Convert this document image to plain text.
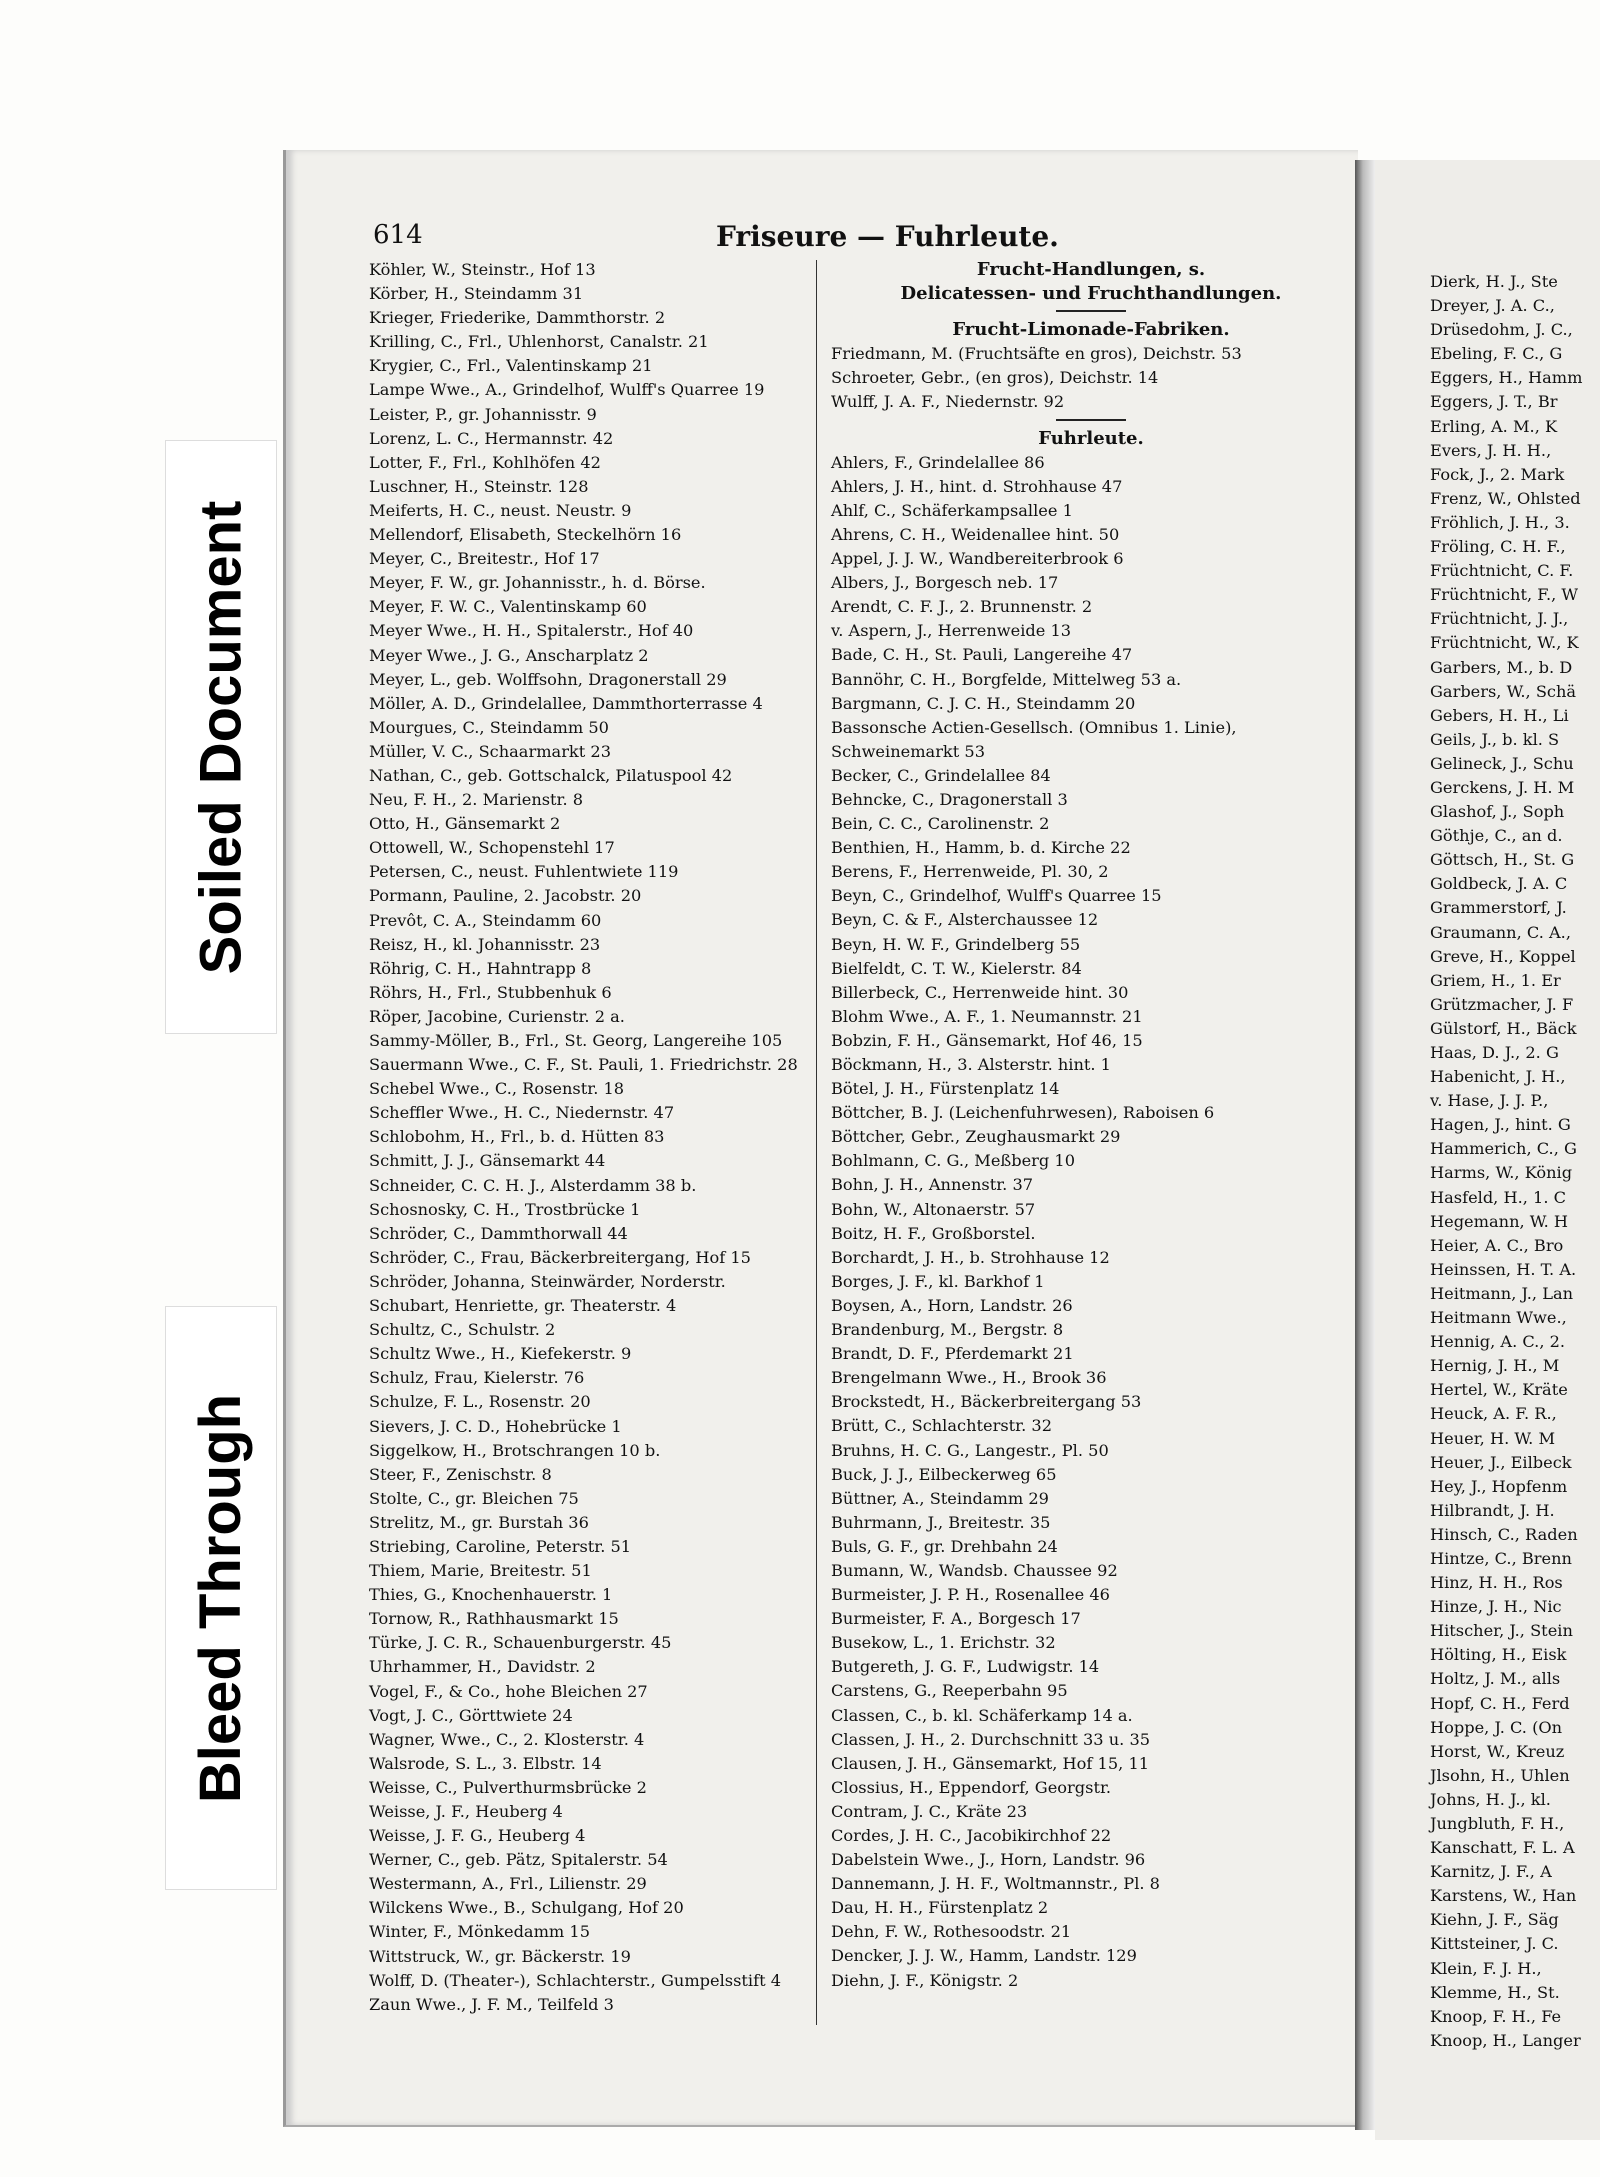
614	Friseure — Fuhrleute.
Köhler, W., Steinstr., Hof 13
Körber, H., Steindamm 31
Krieger, Friederike, Dammthorstr. 2
Krilling, C., Frl., Uhlenhorst, Canalstr. 21
Krygier, C., Frl., Valentinskamp 21
Lampe Wwe., A., Grindelhof, Wulff's Quarree 19
Leister, P., gr. Johannisstr. 9
Lorenz, L. C., Hermannstr. 42
Lotter, F., Frl., Kohlhöfen 42
Luschner, H., Steinstr. 128
Meiferts, H. C., neust. Neustr. 9
Mellendorf, Elisabeth, Steckelhörn 16
Meyer, C., Breitestr., Hof 17
Meyer, F. W., gr. Johannisstr., h. d. Börse.
Meyer, F. W. C., Valentinskamp 60
Meyer Wwe., H. H., Spitalerstr., Hof 40
Meyer Wwe., J. G., Anscharplatz 2
Meyer, L., geb. Wolffsohn, Dragonerstall 29
Möller, A. D., Grindelallee, Dammthorterrasse 4
Mourgues, C., Steindamm 50
Müller, V. C., Schaarmarkt 23
Nathan, C., geb. Gottschalck, Pilatuspool 42
Neu, F. H., 2. Marienstr. 8
Otto, H., Gänsemarkt 2
Ottowell, W., Schopenstehl 17
Petersen, C., neust. Fuhlentwiete 119
Pormann, Pauline, 2. Jacobstr. 20
Prevôt, C. A., Steindamm 60
Reisz, H., kl. Johannisstr. 23
Röhrig, C. H., Hahntrapp 8
Röhrs, H., Frl., Stubbenhuk 6
Röper, Jacobine, Curienstr. 2 a.
Sammy-Möller, B., Frl., St. Georg, Langereihe 105
Sauermann Wwe., C. F., St. Pauli, 1. Friedrichstr. 28
Schebel Wwe., C., Rosenstr. 18
Scheffler Wwe., H. C., Niedernstr. 47
Schlobohm, H., Frl., b. d. Hütten 83
Schmitt, J. J., Gänsemarkt 44
Schneider, C. C. H. J., Alsterdamm 38 b.
Schosnosky, C. H., Trostbrücke 1
Schröder, C., Dammthorwall 44
Schröder, C., Frau, Bäckerbreitergang, Hof 15
Schröder, Johanna, Steinwärder, Norderstr.
Schubart, Henriette, gr. Theaterstr. 4
Schultz, C., Schulstr. 2
Schultz Wwe., H., Kiefekerstr. 9
Schulz, Frau, Kielerstr. 76
Schulze, F. L., Rosenstr. 20
Sievers, J. C. D., Hohebrücke 1
Siggelkow, H., Brotschrangen 10 b.
Steer, F., Zenischstr. 8
Stolte, C., gr. Bleichen 75
Strelitz, M., gr. Burstah 36
Striebing, Caroline, Peterstr. 51
Thiem, Marie, Breitestr. 51
Thies, G., Knochenhauerstr. 1
Tornow, R., Rathhausmarkt 15
Türke, J. C. R., Schauenburgerstr. 45
Uhrhammer, H., Davidstr. 2
Vogel, F., & Co., hohe Bleichen 27
Vogt, J. C., Görttwiete 24
Wagner, Wwe., C., 2. Klosterstr. 4
Walsrode, S. L., 3. Elbstr. 14
Weisse, C., Pulverthurmsbrücke 2
Weisse, J. F., Heuberg 4
Weisse, J. F. G., Heuberg 4
Werner, C., geb. Pätz, Spitalerstr. 54
Westermann, A., Frl., Lilienstr. 29
Wilckens Wwe., B., Schulgang, Hof 20
Winter, F., Mönkedamm 15
Wittstruck, W., gr. Bäckerstr. 19
Wolff, D. (Theater-), Schlachterstr., Gumpelsstift 4
Zaun Wwe., J. F. M., Teilfeld 3
Frucht-Handlungen, s.
Delicatessen- und Fruchthandlungen.
Frucht-Limonade-Fabriken.
Friedmann, M. (Fruchtsäfte en gros), Deichstr. 53
Schroeter, Gebr., (en gros), Deichstr. 14
Wulff, J. A. F., Niedernstr. 92
Fuhrleute.
Ahlers, F., Grindelallee 86
Ahlers, J. H., hint. d. Strohhause 47
Ahlf, C., Schäferkampsallee 1
Ahrens, C. H., Weidenallee hint. 50
Appel, J. J. W., Wandbereiterbrook 6
Albers, J., Borgesch neb. 17
Arendt, C. F. J., 2. Brunnenstr. 2
v. Aspern, J., Herrenweide 13
Bade, C. H., St. Pauli, Langereihe 47
Bannöhr, C. H., Borgfelde, Mittelweg 53 a.
Bargmann, C. J. C. H., Steindamm 20
Bassonsche Actien-Gesellsch. (Omnibus 1. Linie),
Schweinemarkt 53
Becker, C., Grindelallee 84
Behncke, C., Dragonerstall 3
Bein, C. C., Carolinenstr. 2
Benthien, H., Hamm, b. d. Kirche 22
Berens, F., Herrenweide, Pl. 30, 2
Beyn, C., Grindelhof, Wulff's Quarree 15
Beyn, C. & F., Alsterchaussee 12
Beyn, H. W. F., Grindelberg 55
Bielfeldt, C. T. W., Kielerstr. 84
Billerbeck, C., Herrenweide hint. 30
Blohm Wwe., A. F., 1. Neumannstr. 21
Bobzin, F. H., Gänsemarkt, Hof 46, 15
Böckmann, H., 3. Alsterstr. hint. 1
Bötel, J. H., Fürstenplatz 14
Böttcher, B. J. (Leichenfuhrwesen), Raboisen 6
Böttcher, Gebr., Zeughausmarkt 29
Bohlmann, C. G., Meßberg 10
Bohn, J. H., Annenstr. 37
Bohn, W., Altonaerstr. 57
Boitz, H. F., Großborstel.
Borchardt, J. H., b. Strohhause 12
Borges, J. F., kl. Barkhof 1
Boysen, A., Horn, Landstr. 26
Brandenburg, M., Bergstr. 8
Brandt, D. F., Pferdemarkt 21
Brengelmann Wwe., H., Brook 36
Brockstedt, H., Bäckerbreitergang 53
Brütt, C., Schlachterstr. 32
Bruhns, H. C. G., Langestr., Pl. 50
Buck, J. J., Eilbeckerweg 65
Büttner, A., Steindamm 29
Buhrmann, J., Breitestr. 35
Buls, G. F., gr. Drehbahn 24
Bumann, W., Wandsb. Chaussee 92
Burmeister, J. P. H., Rosenallee 46
Burmeister, F. A., Borgesch 17
Busekow, L., 1. Erichstr. 32
Butgereth, J. G. F., Ludwigstr. 14
Carstens, G., Reeperbahn 95
Classen, C., b. kl. Schäferkamp 14 a.
Classen, J. H., 2. Durchschnitt 33 u. 35
Clausen, J. H., Gänsemarkt, Hof 15, 11
Clossius, H., Eppendorf, Georgstr.
Contram, J. C., Kräte 23
Cordes, J. H. C., Jacobikirchhof 22
Dabelstein Wwe., J., Horn, Landstr. 96
Dannemann, J. H. F., Woltmannstr., Pl. 8
Dau, H. H., Fürstenplatz 2
Dehn, F. W., Rothesoodstr. 21
Dencker, J. J. W., Hamm, Landstr. 129
Diehn, J. F., Königstr. 2
Dierk, H. J., Ste
Dreyer, J. A. C.,
Drüsedohm, J. C.,
Ebeling, F. C., G
Eggers, H., Hamm
Eggers, J. T., Br
Erling, A. M., K
Evers, J. H. H.,
Fock, J., 2. Mark
Frenz, W., Ohlsted
Fröhlich, J. H., 3.
Fröling, C. H. F.,
Früchtnicht, C. F.
Früchtnicht, F., W
Früchtnicht, J. J.,
Früchtnicht, W., K
Garbers, M., b. D
Garbers, W., Schä
Gebers, H. H., Li
Geils, J., b. kl. S
Gelineck, J., Schu
Gerckens, J. H. M
Glashof, J., Soph
Göthje, C., an d.
Göttsch, H., St. G
Goldbeck, J. A. C
Grammerstorf, J.
Graumann, C. A.,
Greve, H., Koppel
Griem, H., 1. Er
Grützmacher, J. F
Gülstorf, H., Bäck
Haas, D. J., 2. G
Habenicht, J. H.,
v. Hase, J. J. P.,
Hagen, J., hint. G
Hammerich, C., G
Harms, W., König
Hasfeld, H., 1. C
Hegemann, W. H
Heier, A. C., Bro
Heinssen, H. T. A.
Heitmann, J., Lan
Heitmann Wwe.,
Hennig, A. C., 2.
Hernig, J. H., M
Hertel, W., Kräte
Heuck, A. F. R.,
Heuer, H. W. M
Heuer, J., Eilbeck
Hey, J., Hopfenm
Hilbrandt, J. H.
Hinsch, C., Raden
Hintze, C., Brenn
Hinz, H. H., Ros
Hinze, J. H., Nic
Hitscher, J., Stein
Hölting, H., Eisk
Holtz, J. M., alls
Hopf, C. H., Ferd
Hoppe, J. C. (On
Horst, W., Kreuz
Jlsohn, H., Uhlen
Johns, H. J., kl.
Jungbluth, F. H.,
Kanschatt, F. L. A
Karnitz, J. F., A
Karstens, W., Han
Kiehn, J. F., Säg
Kittsteiner, J. C.
Klein, F. J. H.,
Klemme, H., St.
Knoop, F. H., Fe
Knoop, H., Langer
Soiled Document
Bleed Through
